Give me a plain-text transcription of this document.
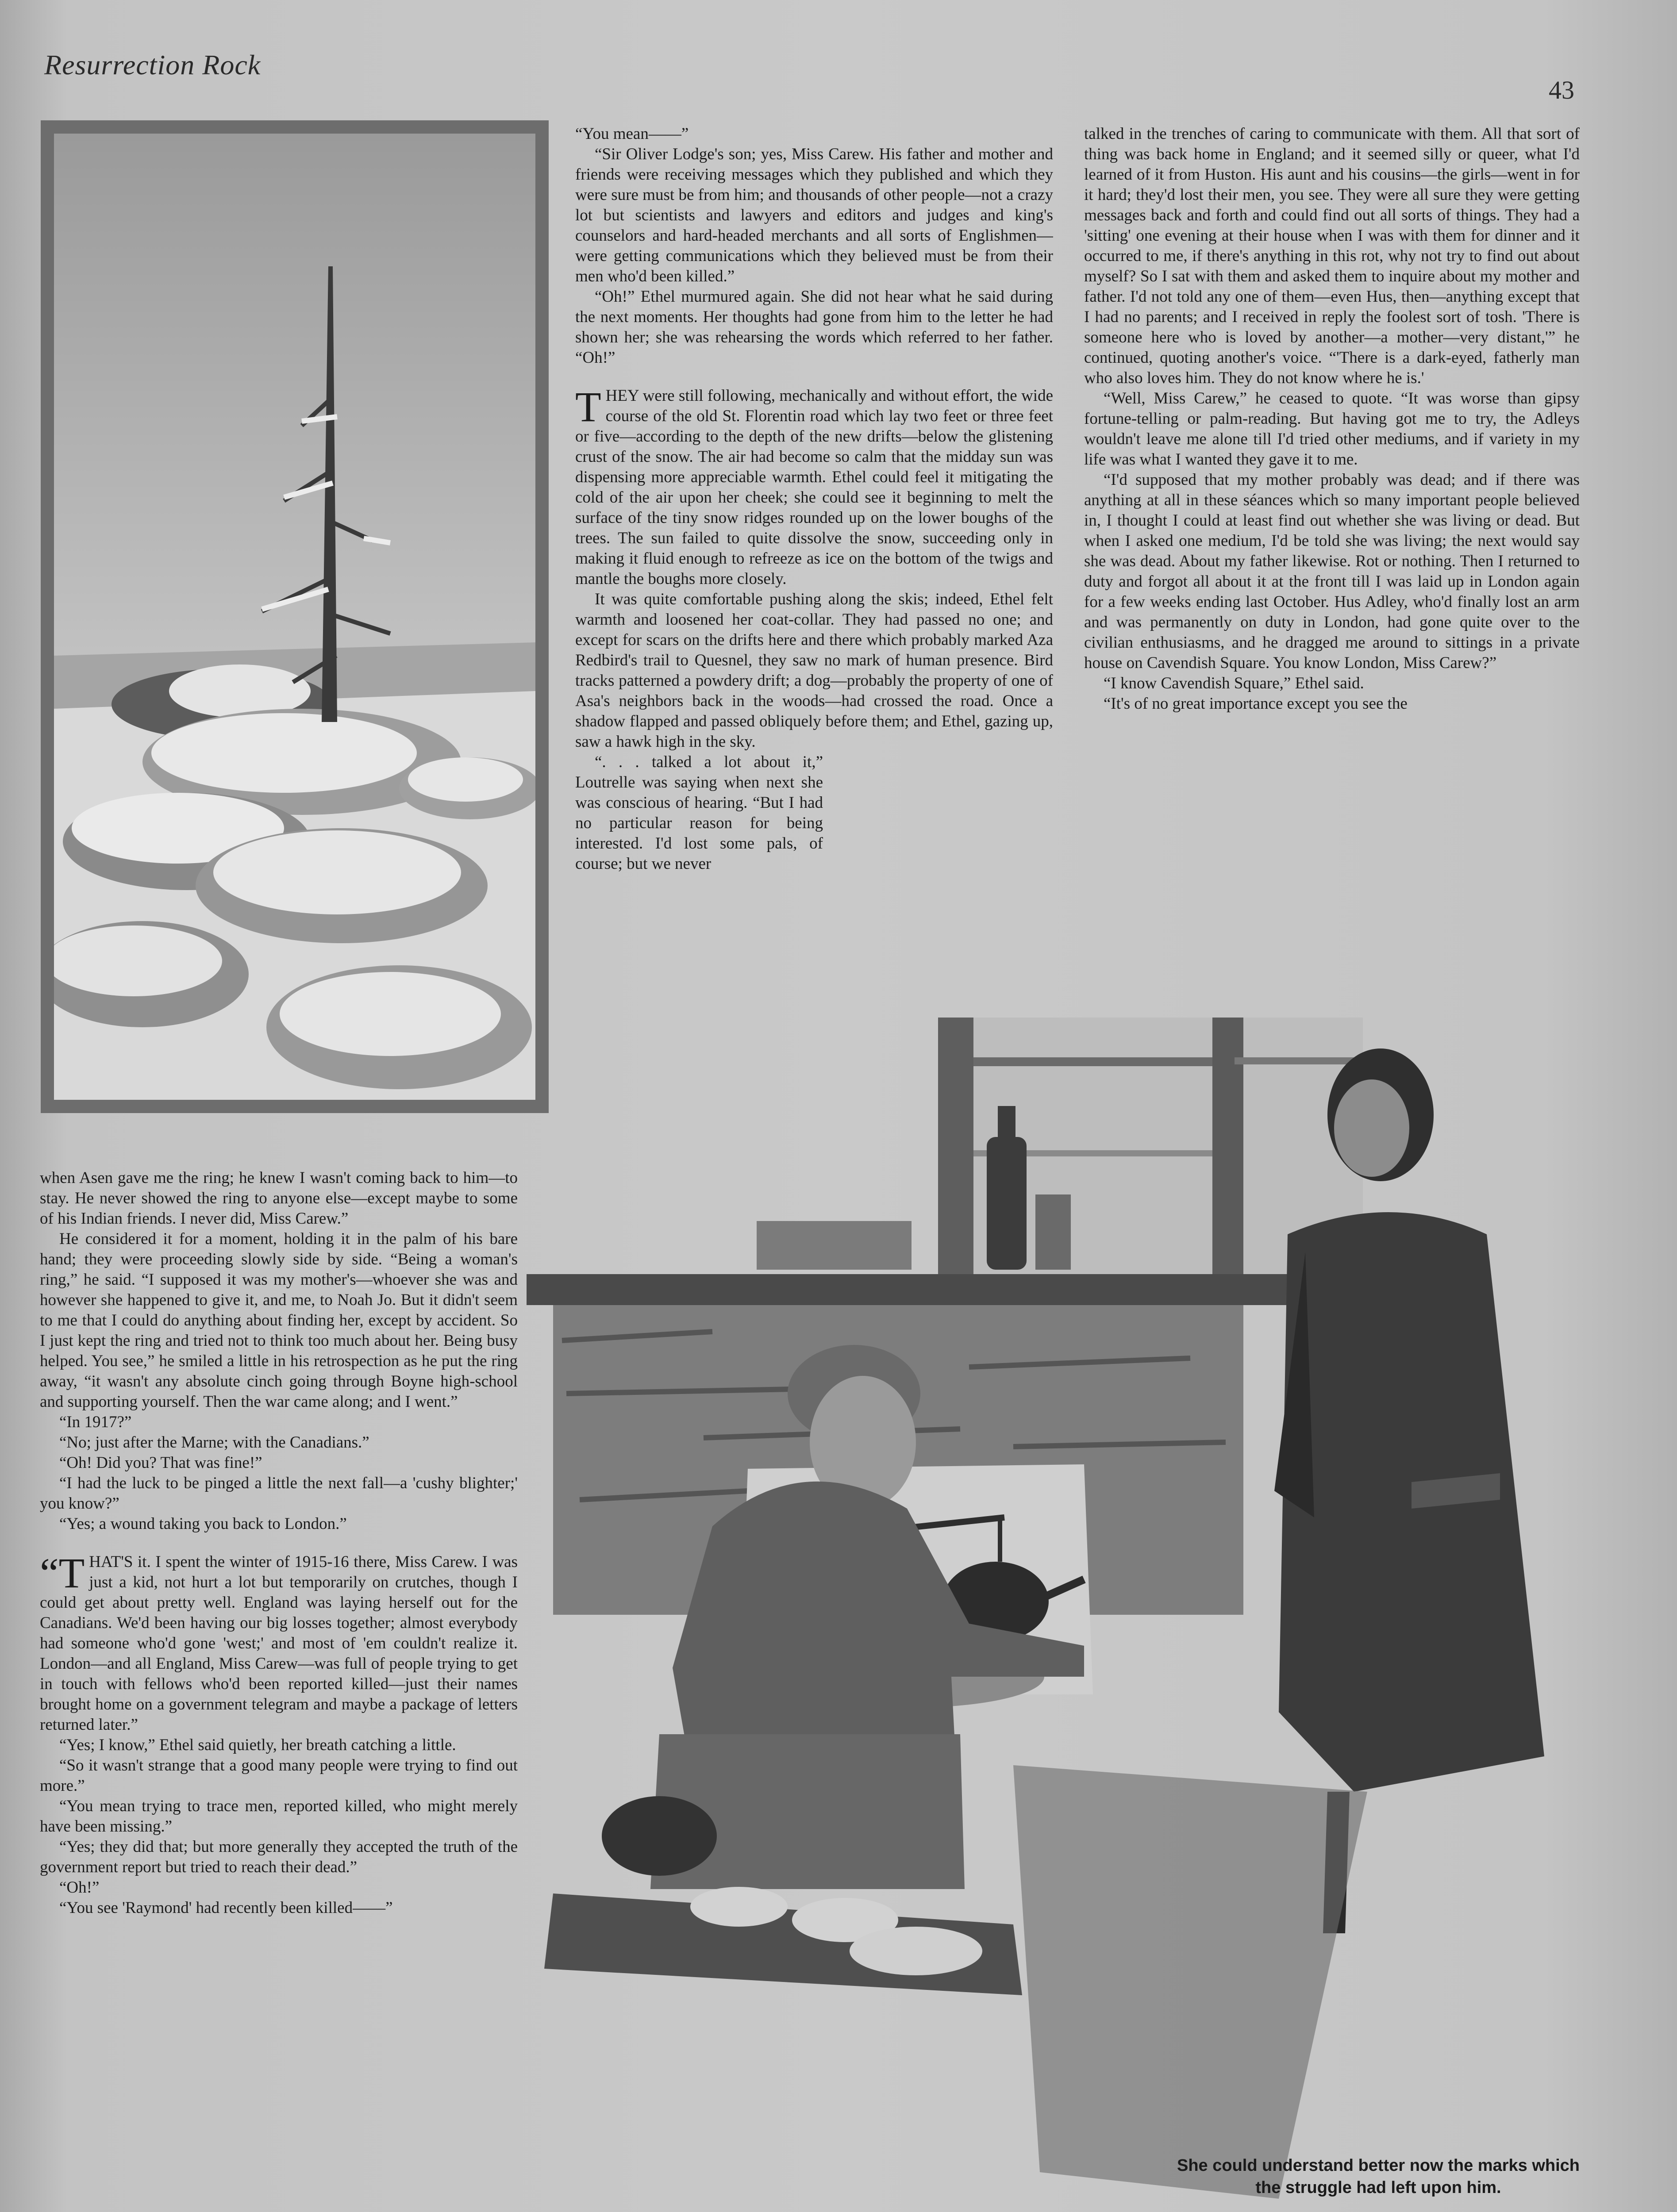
Resurrection Rock
43

“You mean——”

“Sir Oliver Lodge's son; yes, Miss Carew. His father and mother and friends were receiving messages which they published and which they were sure must be from him; and thousands of other people—not a crazy lot but scientists and lawyers and editors and judges and king's counselors and hard-headed merchants and all sorts of Englishmen—were getting communications which they believed must be from their men who'd been killed.”

“Oh!” Ethel murmured again. She did not hear what he said during the next moments. Her thoughts had gone from him to the letter he had shown her; she was rehearsing the words which referred to her father. “Oh!”

THEY were still following, mechanically and without effort, the wide course of the old St. Florentin road which lay two feet or three feet or five—according to the depth of the new drifts—below the glistening crust of the snow. The air had become so calm that the midday sun was dispensing more appreciable warmth. Ethel could feel it mitigating the cold of the air upon her cheek; she could see it beginning to melt the surface of the tiny snow ridges rounded up on the lower boughs of the trees. The sun failed to quite dissolve the snow, succeeding only in making it fluid enough to refreeze as ice on the bottom of the twigs and mantle the boughs more closely.

It was quite comfortable pushing along the skis; indeed, Ethel felt warmth and loosened her coat-collar. They had passed no one; and except for scars on the drifts here and there which probably marked Aza Redbird's trail to Quesnel, they saw no mark of human presence. Bird tracks patterned a powdery drift; a dog—probably the property of one of Asa's neighbors back in the woods—had crossed the road. Once a shadow flapped and passed obliquely before them; and Ethel, gazing up, saw a hawk high in the sky.

“. . . talked a lot about it,” Loutrelle was saying when next she was conscious of hearing. “But I had no particular reason for being interested. I'd lost some pals, of course; but we never

talked in the trenches of caring to communicate with them. All that sort of thing was back home in England; and it seemed silly or queer, what I'd learned of it from Huston. His aunt and his cousins—the girls—went in for it hard; they'd lost their men, you see. They were all sure they were getting messages back and forth and could find out all sorts of things. They had a 'sitting' one evening at their house when I was with them for dinner and it occurred to me, if there's anything in this rot, why not try to find out about myself? So I sat with them and asked them to inquire about my mother and father. I'd not told any one of them—even Hus, then—anything except that I had no parents; and I received in reply the foolest sort of tosh. 'There is someone here who is loved by another—a mother—very distant,'” he continued, quoting another's voice. “'There is a dark-eyed, fatherly man who also loves him. They do not know where he is.'

“Well, Miss Carew,” he ceased to quote. “It was worse than gipsy fortune-telling or palm-reading. But having got me to try, the Adleys wouldn't leave me alone till I'd tried other mediums, and if variety in my life was what I wanted they gave it to me.

“I'd supposed that my mother probably was dead; and if there was anything at all in these séances which so many important people believed in, I thought I could at least find out whether she was living or dead. But when I asked one medium, I'd be told she was living; the next would say she was dead. About my father likewise. Rot or nothing. Then I returned to duty and forgot all about it at the front till I was laid up in London again for a few weeks ending last October. Hus Adley, who'd finally lost an arm and was permanently on duty in London, had gone quite over to the civilian enthusiasms, and he dragged me around to sittings in a private house on Cavendish Square. You know London, Miss Carew?”

“I know Cavendish Square,” Ethel said.

“It's of no great importance except you see the

when Asen gave me the ring; he knew I wasn't coming back to him—to stay. He never showed the ring to anyone else—except maybe to some of his Indian friends. I never did, Miss Carew.”

He considered it for a moment, holding it in the palm of his bare hand; they were proceeding slowly side by side. “Being a woman's ring,” he said. “I supposed it was my mother's—whoever she was and however she happened to give it, and me, to Noah Jo. But it didn't seem to me that I could do anything about finding her, except by accident. So I just kept the ring and tried not to think too much about her. Being busy helped. You see,” he smiled a little in his retrospection as he put the ring away, “it wasn't any absolute cinch going through Boyne high-school and supporting yourself. Then the war came along; and I went.”

“In 1917?”

“No; just after the Marne; with the Canadians.”

“Oh! Did you? That was fine!”

“I had the luck to be pinged a little the next fall—a 'cushy blighter;' you know?”

“Yes; a wound taking you back to London.”

“THAT'S it. I spent the winter of 1915-16 there, Miss Carew. I was just a kid, not hurt a lot but temporarily on crutches, though I could get about pretty well. England was laying herself out for the Canadians. We'd been having our big losses together; almost everybody had someone who'd gone 'west;' and most of 'em couldn't realize it. London—and all England, Miss Carew—was full of people trying to get in touch with fellows who'd been reported killed—just their names brought home on a government telegram and maybe a package of letters returned later.”

“Yes; I know,” Ethel said quietly, her breath catching a little.

“So it wasn't strange that a good many people were trying to find out more.”

“You mean trying to trace men, reported killed, who might merely have been missing.”

“Yes; they did that; but more generally they accepted the truth of the government report but tried to reach their dead.”

“Oh!”

“You see 'Raymond' had recently been killed——”

She could understand better now the marks which the struggle had left upon him.
